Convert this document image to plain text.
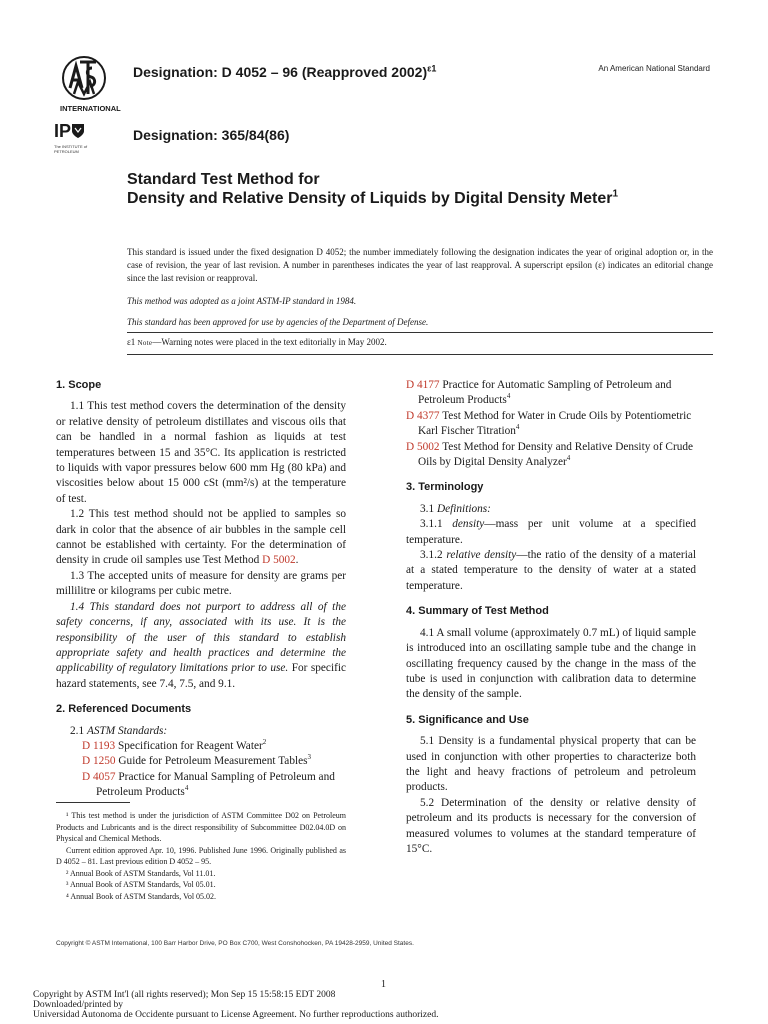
INTERNATIONAL
IP
The INSTITUTE of PETROLEUM
Designation: D 4052 – 96 (Reapproved 2002)$^{\varepsilon 1}$	An American National Standard
Designation: 365/84(86)
Standard Test Method for
Density and Relative Density of Liquids by Digital Density Meter$^1$
This standard is issued under the fixed designation D 4052; the number immediately following the designation indicates the year of original adoption or, in the case of revision, the year of last revision. A number in parentheses indicates the year of last reapproval. A superscript epsilon (ε) indicates an editorial change since the last revision or reapproval.
This method was adopted as a joint ASTM-IP standard in 1984.
This standard has been approved for use by agencies of the Department of Defense.
ε1 Note—Warning notes were placed in the text editorially in May 2002.
1. Scope
1.1 This test method covers the determination of the density or relative density of petroleum distillates and viscous oils that can be handled in a normal fashion as liquids at test temperatures between 15 and 35°C. Its application is restricted to liquids with vapor pressures below 600 mm Hg (80 kPa) and viscosities below about 15 000 cSt (mm²/s) at the temperature of test.
1.2 This test method should not be applied to samples so dark in color that the absence of air bubbles in the sample cell cannot be established with certainty. For the determination of density in crude oil samples use Test Method D 5002.
1.3 The accepted units of measure for density are grams per millilitre or kilograms per cubic metre.
1.4 This standard does not purport to address all of the safety concerns, if any, associated with its use. It is the responsibility of the user of this standard to establish appropriate safety and health practices and determine the applicability of regulatory limitations prior to use. For specific hazard statements, see 7.4, 7.5, and 9.1.
2. Referenced Documents
2.1 ASTM Standards:
D 1193 Specification for Reagent Water$^2$
D 1250 Guide for Petroleum Measurement Tables$^3$
D 4057 Practice for Manual Sampling of Petroleum and Petroleum Products$^4$
D 4177 Practice for Automatic Sampling of Petroleum and Petroleum Products$^4$
D 4377 Test Method for Water in Crude Oils by Potentiometric Karl Fischer Titration$^4$
D 5002 Test Method for Density and Relative Density of Crude Oils by Digital Density Analyzer$^4$
3. Terminology
3.1 Definitions:
3.1.1 density—mass per unit volume at a specified temperature.
3.1.2 relative density—the ratio of the density of a material at a stated temperature to the density of water at a stated temperature.
4. Summary of Test Method
4.1 A small volume (approximately 0.7 mL) of liquid sample is introduced into an oscillating sample tube and the change in oscillating frequency caused by the change in the mass of the tube is used in conjunction with calibration data to determine the density of the sample.
5. Significance and Use
5.1 Density is a fundamental physical property that can be used in conjunction with other properties to characterize both the light and heavy fractions of petroleum and petroleum products.
5.2 Determination of the density or relative density of petroleum and its products is necessary for the conversion of measured volumes to volumes at the standard temperature of 15°C.
¹ This test method is under the jurisdiction of ASTM Committee D02 on Petroleum Products and Lubricants and is the direct responsibility of Subcommittee D02.04.0D on Physical and Chemical Methods.
Current edition approved Apr. 10, 1996. Published June 1996. Originally published as D 4052 – 81. Last previous edition D 4052 – 95.
² Annual Book of ASTM Standards, Vol 11.01.
³ Annual Book of ASTM Standards, Vol 05.01.
⁴ Annual Book of ASTM Standards, Vol 05.02.
Copyright © ASTM International, 100 Barr Harbor Drive, PO Box C700, West Conshohocken, PA 19428-2959, United States.
1
Copyright by ASTM Int'l (all rights reserved); Mon Sep 15 15:58:15 EDT 2008
Downloaded/printed by
Universidad Autonoma de Occidente pursuant to License Agreement. No further reproductions authorized.
